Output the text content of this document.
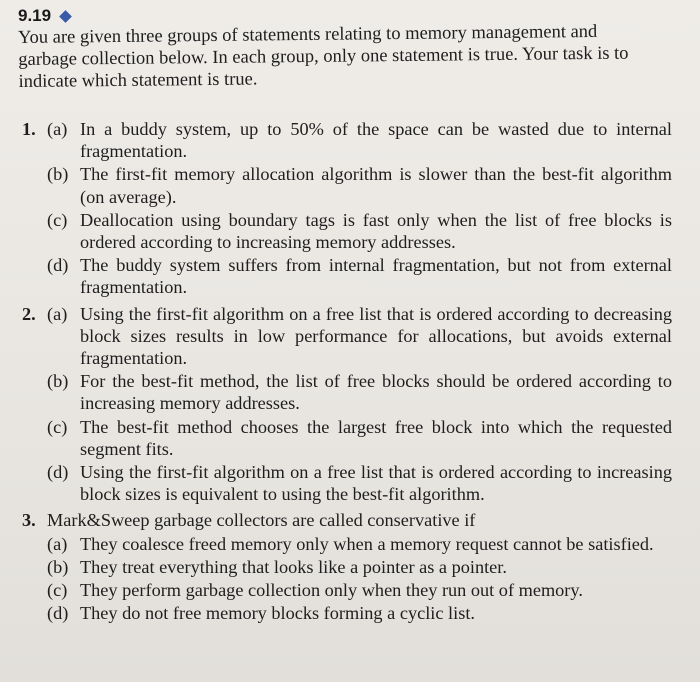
9.19
You are given three groups of statements relating to memory management and garbage collection below. In each group, only one statement is true. Your task is to indicate which statement is true.
1. (a) In a buddy system, up to 50% of the space can be wasted due to internal fragmentation.
(b) The first-fit memory allocation algorithm is slower than the best-fit algorithm (on average).
(c) Deallocation using boundary tags is fast only when the list of free blocks is ordered according to increasing memory addresses.
(d) The buddy system suffers from internal fragmentation, but not from external fragmentation.
2. (a) Using the first-fit algorithm on a free list that is ordered according to decreasing block sizes results in low performance for allocations, but avoids external fragmentation.
(b) For the best-fit method, the list of free blocks should be ordered according to increasing memory addresses.
(c) The best-fit method chooses the largest free block into which the requested segment fits.
(d) Using the first-fit algorithm on a free list that is ordered according to increasing block sizes is equivalent to using the best-fit algorithm.
3. Mark&Sweep garbage collectors are called conservative if
(a) They coalesce freed memory only when a memory request cannot be satisfied.
(b) They treat everything that looks like a pointer as a pointer.
(c) They perform garbage collection only when they run out of memory.
(d) They do not free memory blocks forming a cyclic list.
